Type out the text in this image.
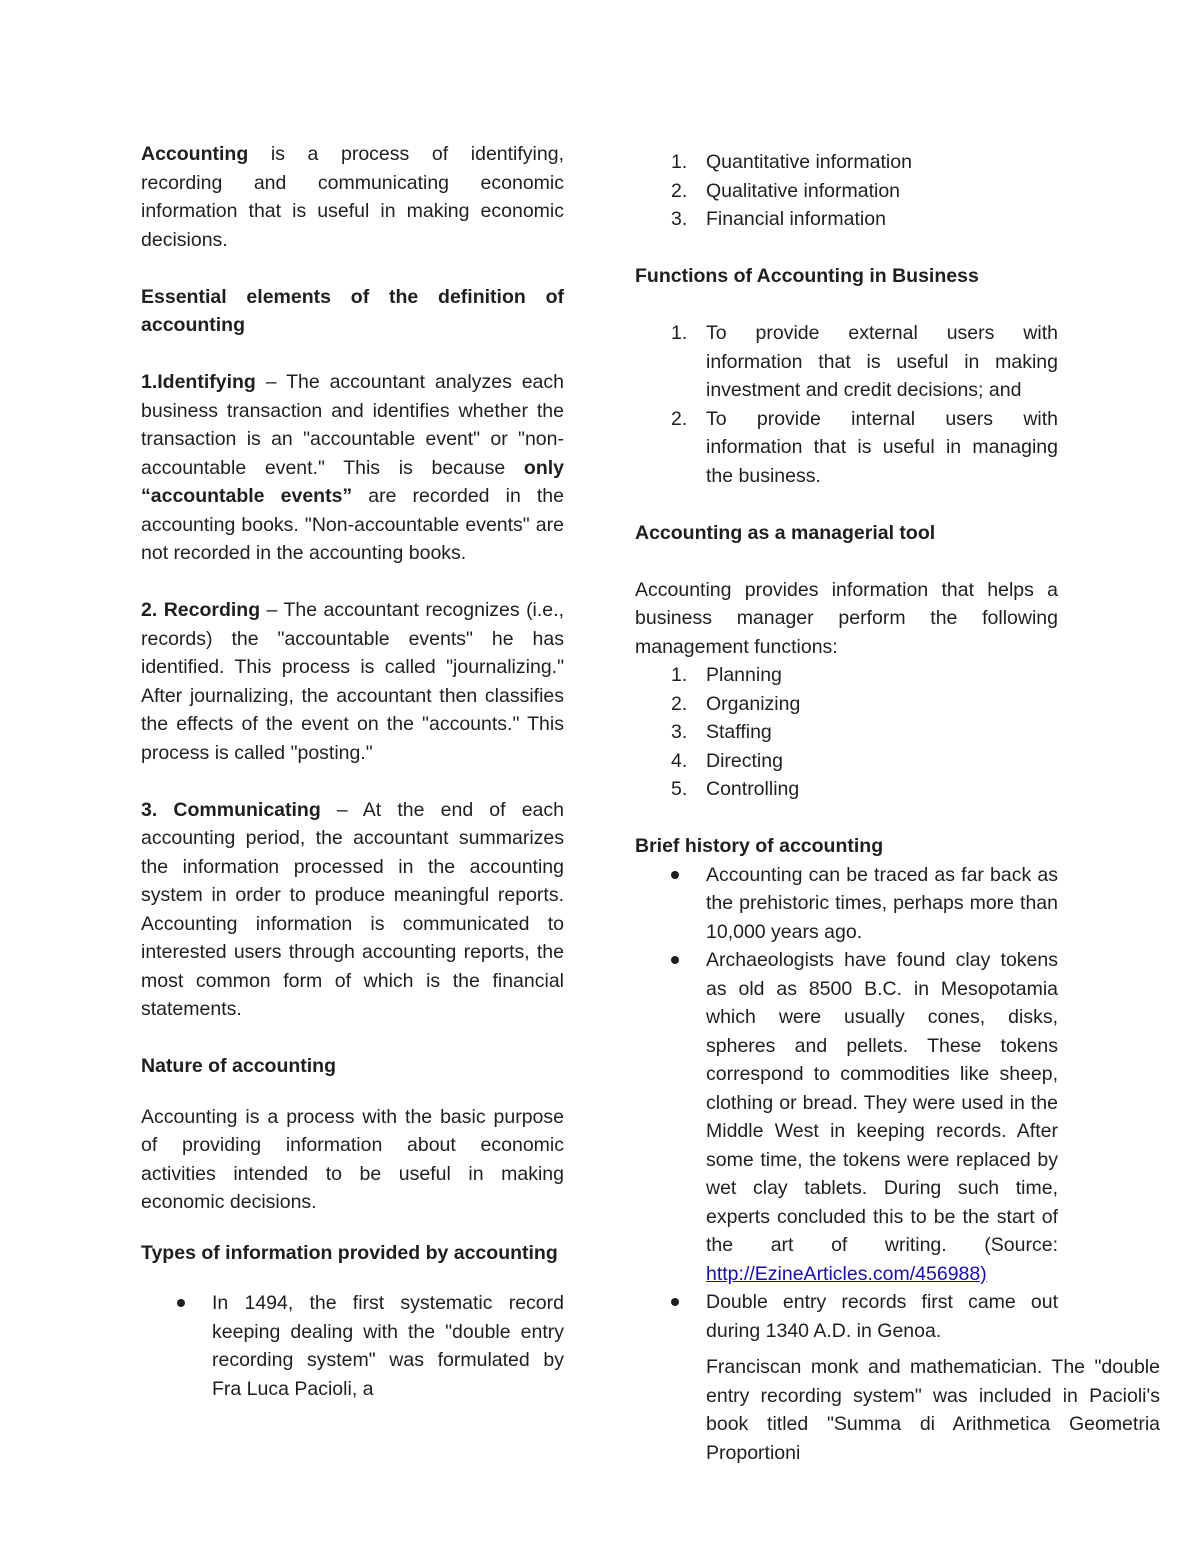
Accounting is a process of identifying, recording and communicating economic information that is useful in making economic decisions.

Essential elements of the definition of accounting

1.Identifying – The accountant analyzes each business transaction and identifies whether the transaction is an "accountable event" or "non-accountable event." This is because only “accountable events” are recorded in the accounting books. "Non-accountable events" are not recorded in the accounting books.

2. Recording – The accountant recognizes (i.e., records) the "accountable events" he has identified. This process is called "journalizing." After journalizing, the accountant then classifies the effects of the event on the "accounts." This process is called "posting."

3. Communicating – At the end of each accounting period, the accountant summarizes the information processed in the accounting system in order to produce meaningful reports. Accounting information is communicated to interested users through accounting reports, the most common form of which is the financial statements.

Nature of accounting

Accounting is a process with the basic purpose of providing information about economic activities intended to be useful in making economic decisions.

Types of information provided by accounting

In 1494, the first systematic record keeping dealing with the "double entry recording system" was formulated by Fra Luca Pacioli, a
1. Quantitative information
2. Qualitative information
3. Financial information

Functions of Accounting in Business

1. To provide external users with information that is useful in making investment and credit decisions; and
2. To provide internal users with information that is useful in managing the business.

Accounting as a managerial tool

Accounting provides information that helps a business manager perform the following management functions:

1. Planning
2. Organizing
3. Staffing
4. Directing
5. Controlling

Brief history of accounting

Accounting can be traced as far back as the prehistoric times, perhaps more than 10,000 years ago.
Archaeologists have found clay tokens as old as 8500 B.C. in Mesopotamia which were usually cones, disks, spheres and pellets. These tokens correspond to commodities like sheep, clothing or bread. They were used in the Middle West in keeping records. After some time, the tokens were replaced by wet clay tablets. During such time, experts concluded this to be the start of the art of writing. (Source: http://EzineArticles.com/456988)
Double entry records first came out during 1340 A.D. in Genoa.

Franciscan monk and mathematician. The "double entry recording system" was included in Pacioli's book titled "Summa di Arithmetica Geometria Proportioni
